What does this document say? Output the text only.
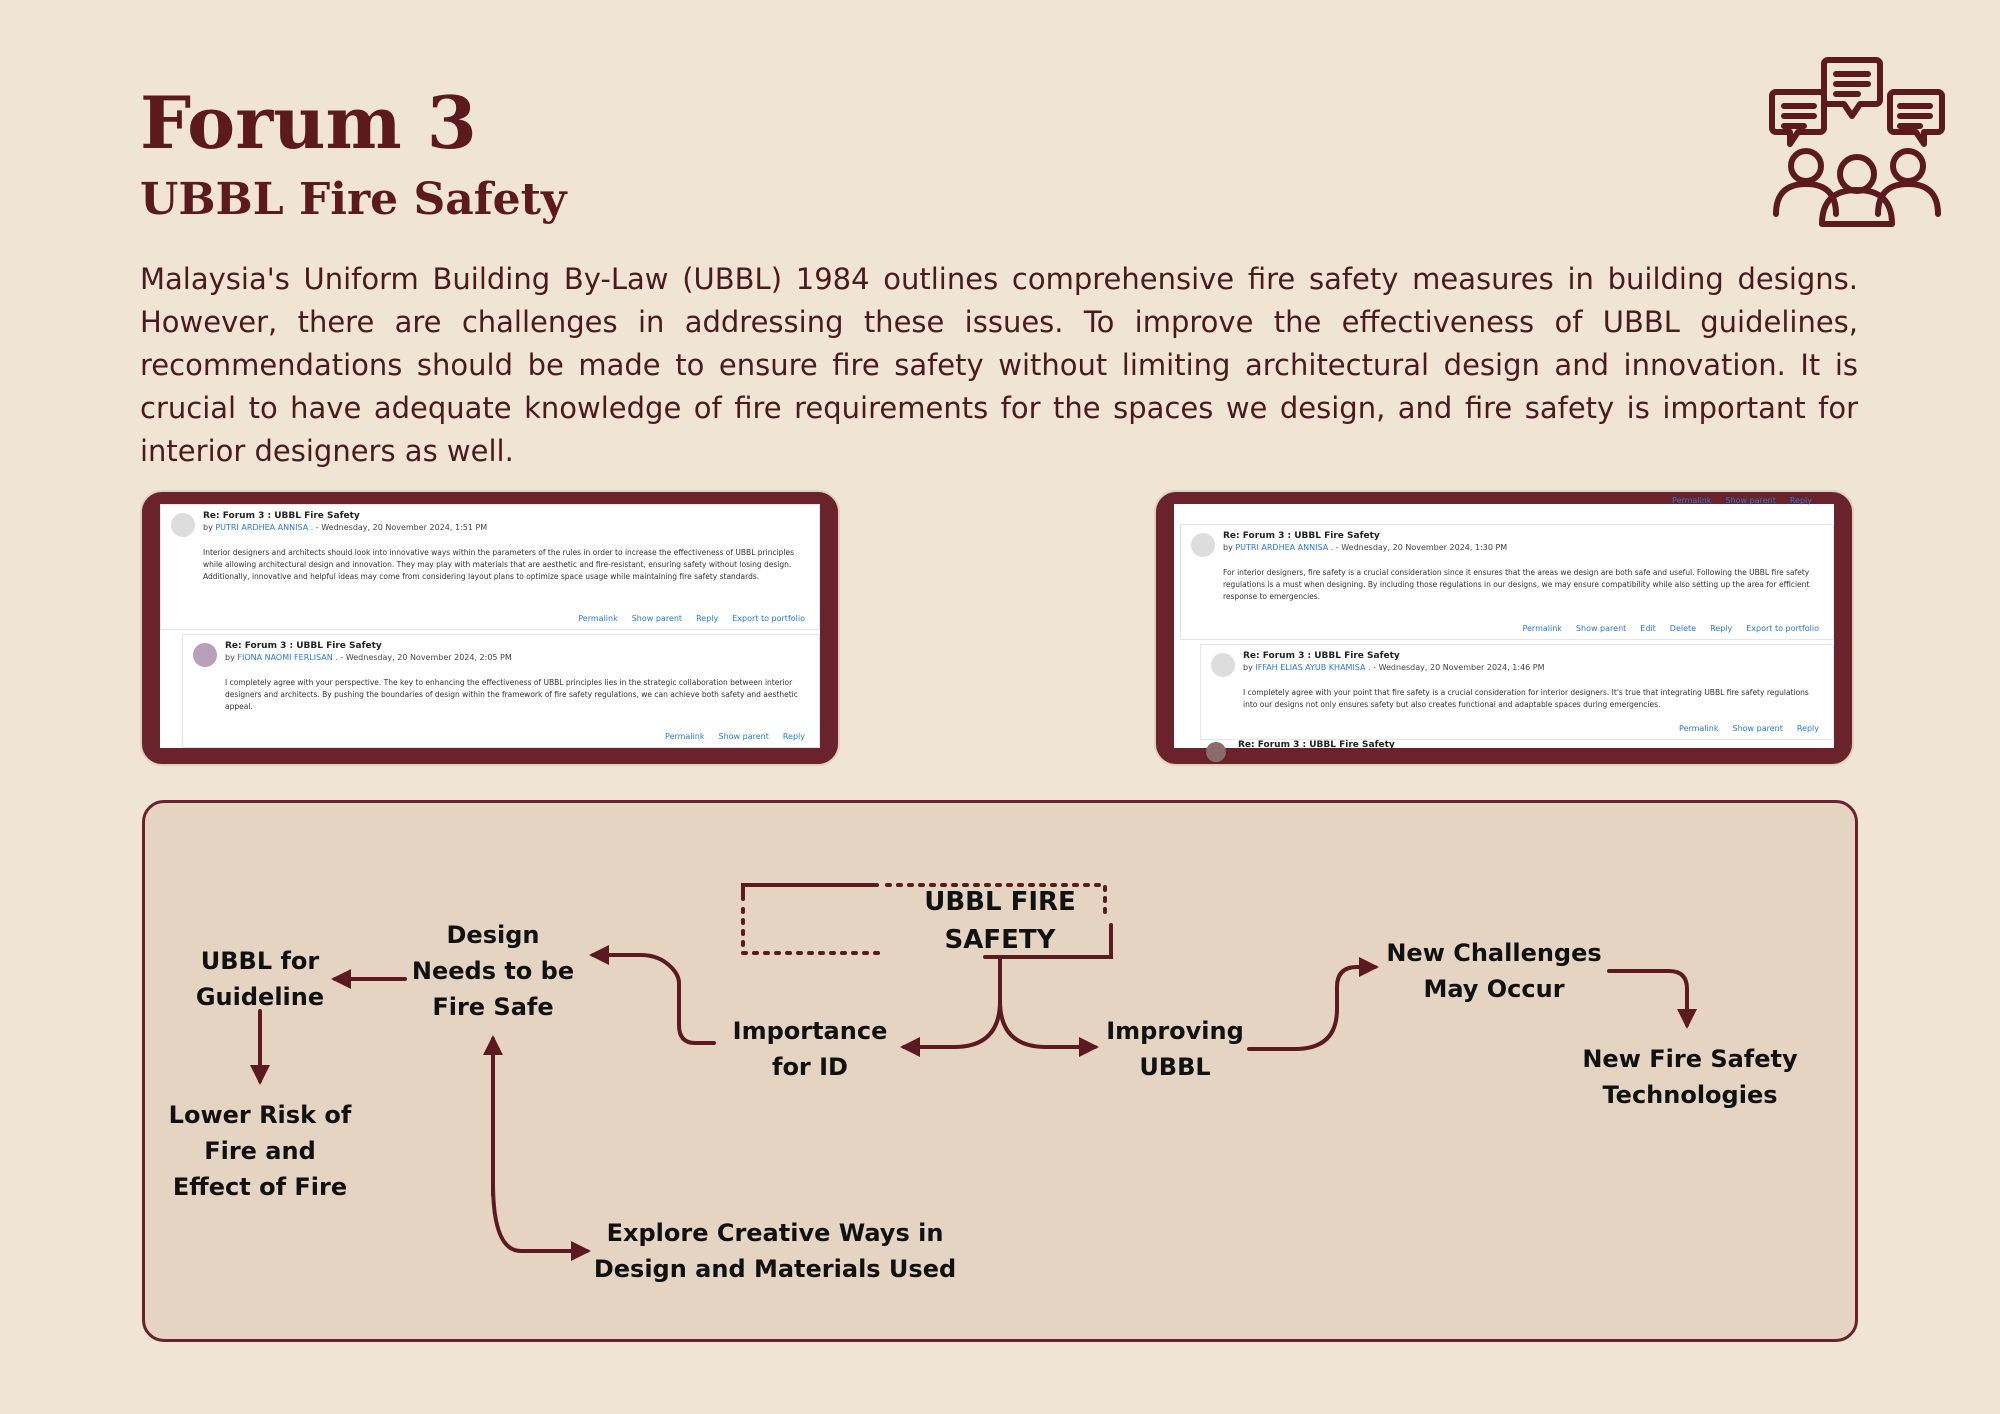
Forum 3
UBBL Fire Safety

Malaysia's Uniform Building By-Law (UBBL) 1984 outlines comprehensive fire safety measures in building designs. However, there are challenges in addressing these issues. To improve the effectiveness of UBBL guidelines, recommendations should be made to ensure fire safety without limiting architectural design and innovation. It is crucial to have adequate knowledge of fire requirements for the spaces we design, and fire safety is important for interior designers as well.

Re: Forum 3 : UBBL Fire Safety
by PUTRI ARDHEA ANNISA . - Wednesday, 20 November 2024, 1:51 PM
Interior designers and architects should look into innovative ways within the parameters of the rules in order to increase the effectiveness of UBBL principles while allowing architectural design and innovation. They may play with materials that are aesthetic and fire-resistant, ensuring safety without losing design. Additionally, innovative and helpful ideas may come from considering layout plans to optimize space usage while maintaining fire safety standards.
Permalink Show parent Reply Export to portfolio
Re: Forum 3 : UBBL Fire Safety
by FIONA NAOMI FERLISAN . - Wednesday, 20 November 2024, 2:05 PM
I completely agree with your perspective. The key to enhancing the effectiveness of UBBL principles lies in the strategic collaboration between interior designers and architects. By pushing the boundaries of design within the framework of fire safety regulations, we can achieve both safety and aesthetic appeal.
Permalink Show parent Reply
Permalink Show parent Reply
Re: Forum 3 : UBBL Fire Safety
by PUTRI ARDHEA ANNISA . - Wednesday, 20 November 2024, 1:30 PM
For interior designers, fire safety is a crucial consideration since it ensures that the areas we design are both safe and useful. Following the UBBL fire safety regulations is a must when designing. By including those regulations in our designs, we may ensure compatibility while also setting up the area for efficient response to emergencies.
Permalink Show parent Edit Delete Reply Export to portfolio
Re: Forum 3 : UBBL Fire Safety
by IFFAH ELIAS AYUB KHAMISA . - Wednesday, 20 November 2024, 1:46 PM
I completely agree with your point that fire safety is a crucial consideration for interior designers. It's true that integrating UBBL fire safety regulations into our designs not only ensures safety but also creates functional and adaptable spaces during emergencies.
Permalink Show parent Reply
Re: Forum 3 : UBBL Fire Safety
UBBL FIRE
SAFETY
Importance
for ID
Improving
UBBL
Design
Needs to be
Fire Safe
UBBL for
Guideline
Lower Risk of
Fire and
Effect of Fire
Explore Creative Ways in
Design and Materials Used
New Challenges
May Occur
New Fire Safety
Technologies
